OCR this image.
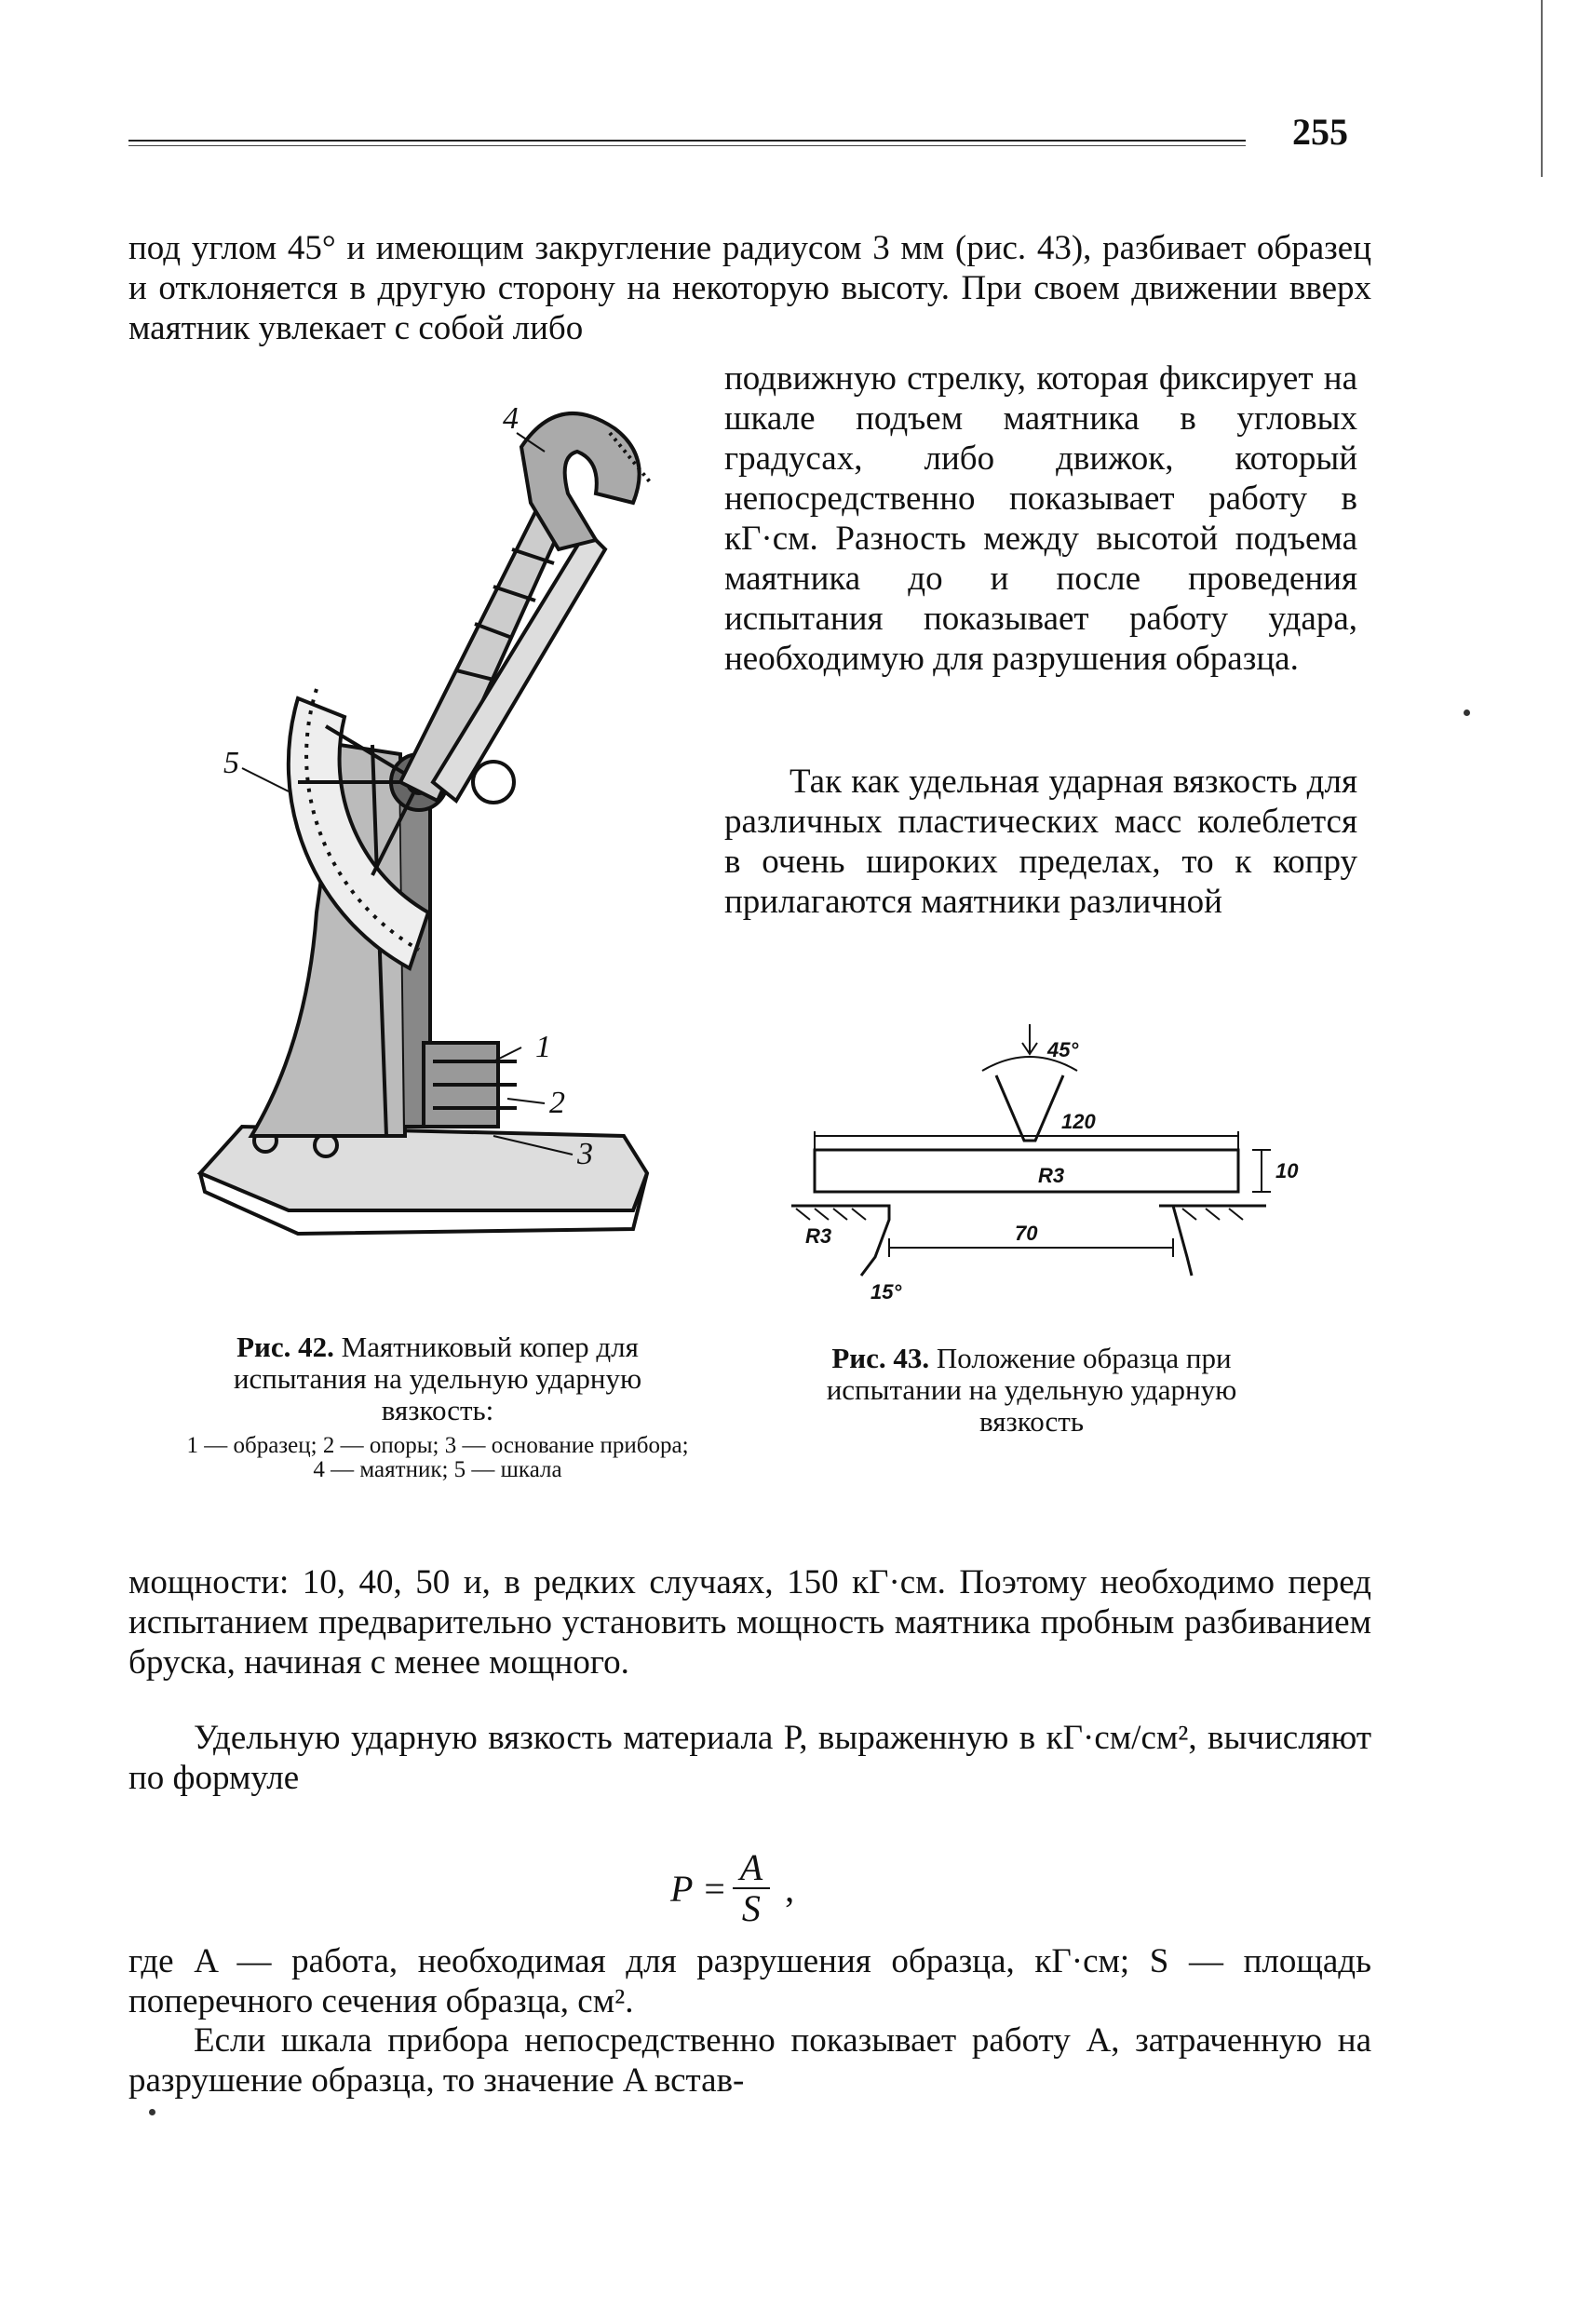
255

под углом 45° и имеющим закругление радиусом 3 мм (рис. 43), разбивает образец и отклоняется в другую сторону на некоторую высоту. При своем движении вверх маятник увлекает с собой либо

подвижную стрелку, которая фиксирует на шкале подъем маятника в угловых градусах, либо движок, который непосредственно показывает работу в кГ·см. Разность между высотой подъема маятника до и после проведения испытания показывает работу удара, необходимую для разрушения образца.

Так как удельная ударная вязкость для различных пластических масс колеблется в очень широких пределах, то к копру прилагаются маятники различной

4
5
1
2
3
45°
120
10
R3
70
R3
15°
Рис. 42. Маятниковый копер для испытания на удельную ударную вязкость:
1 — образец; 2 — опоры; 3 — основание прибора; 4 — маятник; 5 — шкала
Рис. 43. Положение образца при испытании на удельную ударную вязкость

мощности: 10, 40, 50 и, в редких случаях, 150 кГ·см. Поэтому необходимо перед испытанием предварительно установить мощность маятника пробным разбиванием бруска, начиная с менее мощного.

Удельную ударную вязкость материала P, выраженную в кГ·см/см², вычисляют по формуле

$P = \frac{A}{S}$ ,

где A — работа, необходимая для разрушения образца, кГ·см; S — площадь поперечного сечения образца, см².

Если шкала прибора непосредственно показывает работу A, затраченную на разрушение образца, то значение A встав-
